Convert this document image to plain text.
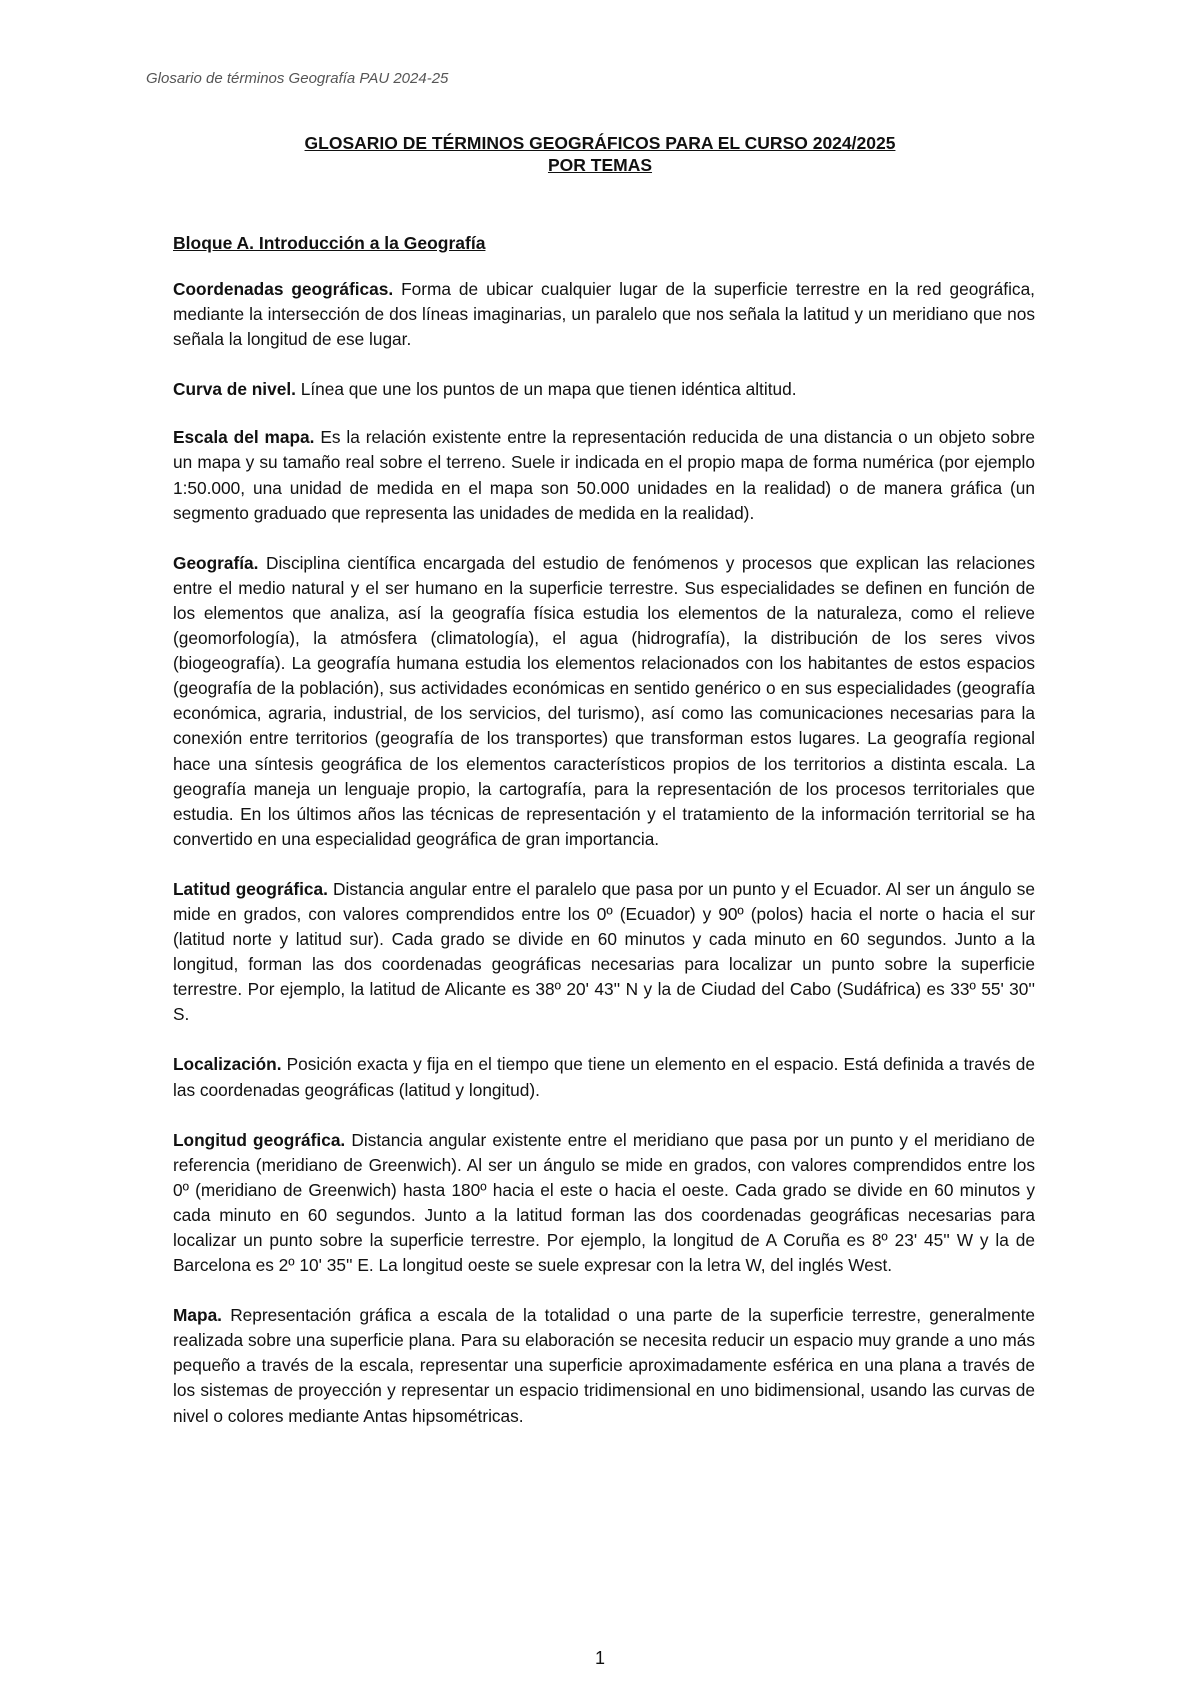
Glosario de términos Geografía PAU 2024-25
GLOSARIO DE TÉRMINOS GEOGRÁFICOS PARA EL CURSO 2024/2025
POR TEMAS
Bloque A. Introducción a la Geografía

Coordenadas geográficas. Forma de ubicar cualquier lugar de la superficie terrestre en la red geográfica, mediante la intersección de dos líneas imaginarias, un paralelo que nos señala la latitud y un meridiano que nos señala la longitud de ese lugar.

Curva de nivel. Línea que une los puntos de un mapa que tienen idéntica altitud.

Escala del mapa. Es la relación existente entre la representación reducida de una distancia o un objeto sobre un mapa y su tamaño real sobre el terreno. Suele ir indicada en el propio mapa de forma numérica (por ejemplo 1:50.000, una unidad de medida en el mapa son 50.000 unidades en la realidad) o de manera gráfica (un segmento graduado que representa las unidades de medida en la realidad).

Geografía. Disciplina científica encargada del estudio de fenómenos y procesos que explican las relaciones entre el medio natural y el ser humano en la superficie terrestre. Sus especialidades se definen en función de los elementos que analiza, así la geografía física estudia los elementos de la naturaleza, como el relieve (geomorfología), la atmósfera (climatología), el agua (hidrografía), la distribución de los seres vivos (biogeografía). La geografía humana estudia los elementos relacionados con los habitantes de estos espacios (geografía de la población), sus actividades económicas en sentido genérico o en sus especialidades (geografía económica, agraria, industrial, de los servicios, del turismo), así como las comunicaciones necesarias para la conexión entre territorios (geografía de los transportes) que transforman estos lugares. La geografía regional hace una síntesis geográfica de los elementos característicos propios de los territorios a distinta escala. La geografía maneja un lenguaje propio, la cartografía, para la representación de los procesos territoriales que estudia. En los últimos años las técnicas de representación y el tratamiento de la información territorial se ha convertido en una especialidad geográfica de gran importancia.

Latitud geográfica. Distancia angular entre el paralelo que pasa por un punto y el Ecuador. Al ser un ángulo se mide en grados, con valores comprendidos entre los 0º (Ecuador) y 90º (polos) hacia el norte o hacia el sur (latitud norte y latitud sur). Cada grado se divide en 60 minutos y cada minuto en 60 segundos. Junto a la longitud, forman las dos coordenadas geográficas necesarias para localizar un punto sobre la superficie terrestre. Por ejemplo, la latitud de Alicante es 38º 20' 43'' N y la de Ciudad del Cabo (Sudáfrica) es 33º 55' 30'' S.

Localización. Posición exacta y fija en el tiempo que tiene un elemento en el espacio. Está definida a través de las coordenadas geográficas (latitud y longitud).

Longitud geográfica. Distancia angular existente entre el meridiano que pasa por un punto y el meridiano de referencia (meridiano de Greenwich). Al ser un ángulo se mide en grados, con valores comprendidos entre los 0º (meridiano de Greenwich) hasta 180º hacia el este o hacia el oeste. Cada grado se divide en 60 minutos y cada minuto en 60 segundos. Junto a la latitud forman las dos coordenadas geográficas necesarias para localizar un punto sobre la superficie terrestre. Por ejemplo, la longitud de A Coruña es 8º 23' 45'' W y la de Barcelona es 2º 10' 35'' E. La longitud oeste se suele expresar con la letra W, del inglés West.

Mapa. Representación gráfica a escala de la totalidad o una parte de la superficie terrestre, generalmente realizada sobre una superficie plana. Para su elaboración se necesita reducir un espacio muy grande a uno más pequeño a través de la escala, representar una superficie aproximadamente esférica en una plana a través de los sistemas de proyección y representar un espacio tridimensional en uno bidimensional, usando las curvas de nivel o colores mediante Antas hipsométricas.

1
